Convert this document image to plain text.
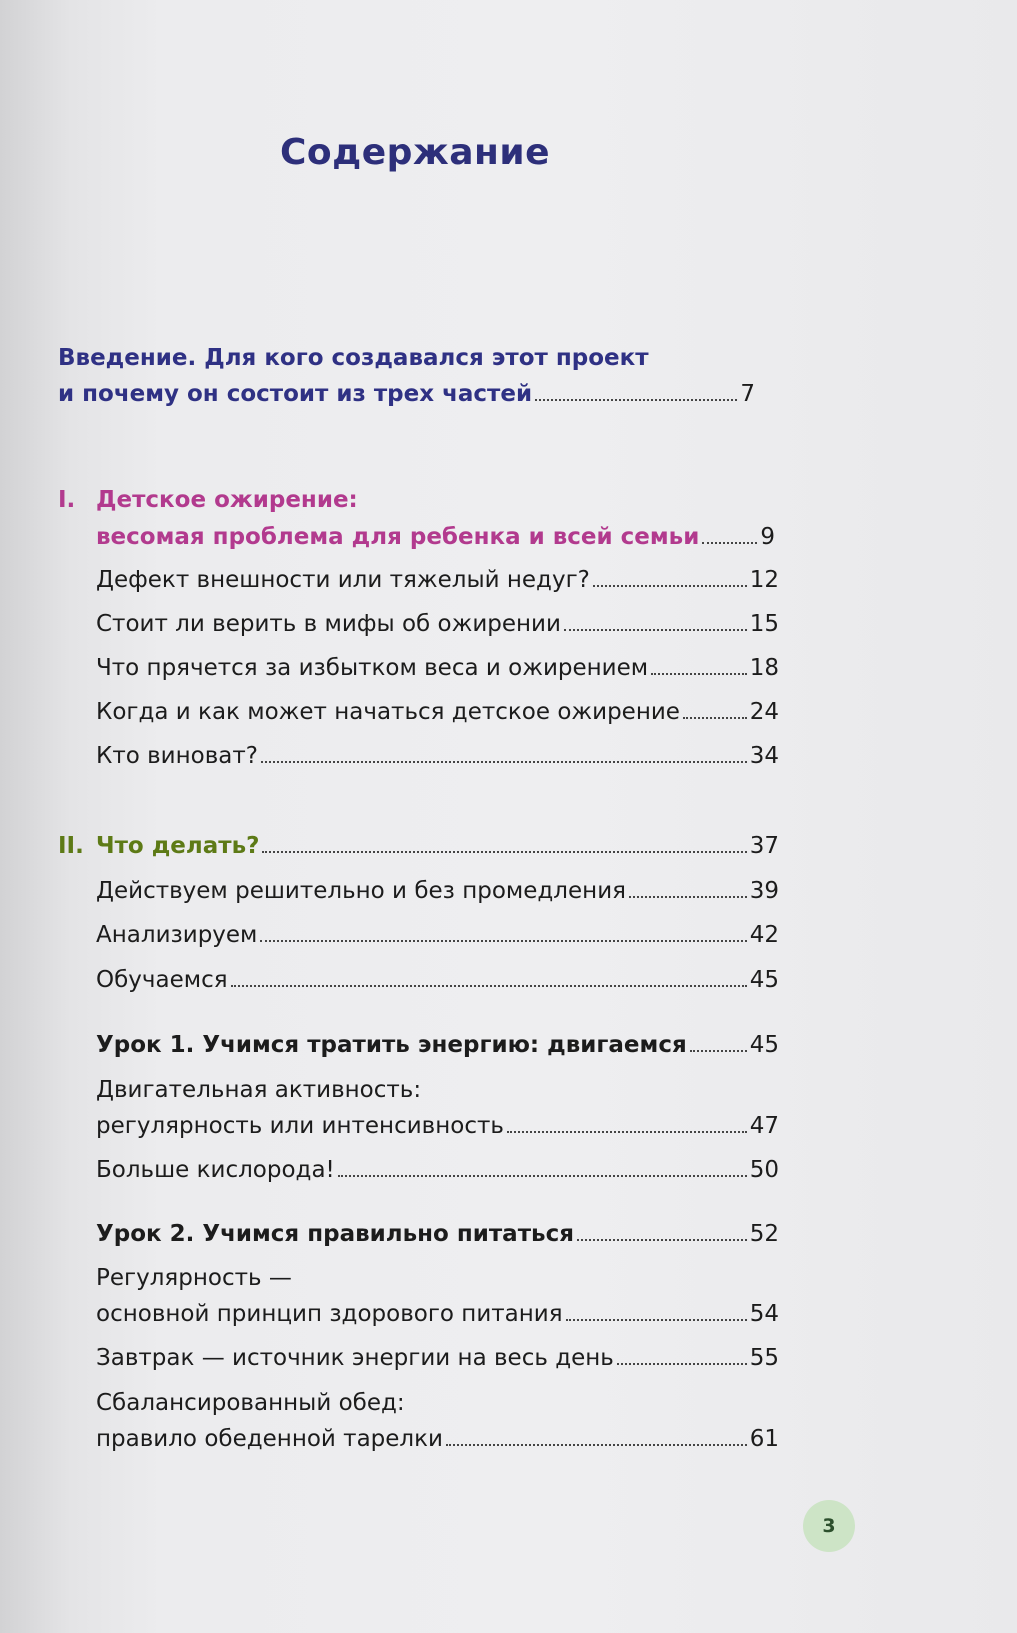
Содержание
Введение. Для кого создавался этот проект
и почему он состоит из трех частей	7
I. Детское ожирение:
весомая проблема для ребенка и всей семьи	9
Дефект внешности или тяжелый недуг?	12
Стоит ли верить в мифы об ожирении	15
Что прячется за избытком веса и ожирением	18
Когда и как может начаться детское ожирение	24
Кто виноват?	34
II. Что делать?	37
Действуем решительно и без промедления	39
Анализируем	42
Обучаемся	45
Урок 1. Учимся тратить энергию: двигаемся	45
Двигательная активность:
регулярность или интенсивность	47
Больше кислорода!	50
Урок 2. Учимся правильно питаться	52
Регулярность —
основной принцип здорового питания	54
Завтрак — источник энергии на весь день	55
Сбалансированный обед:
правило обеденной тарелки	61
3
